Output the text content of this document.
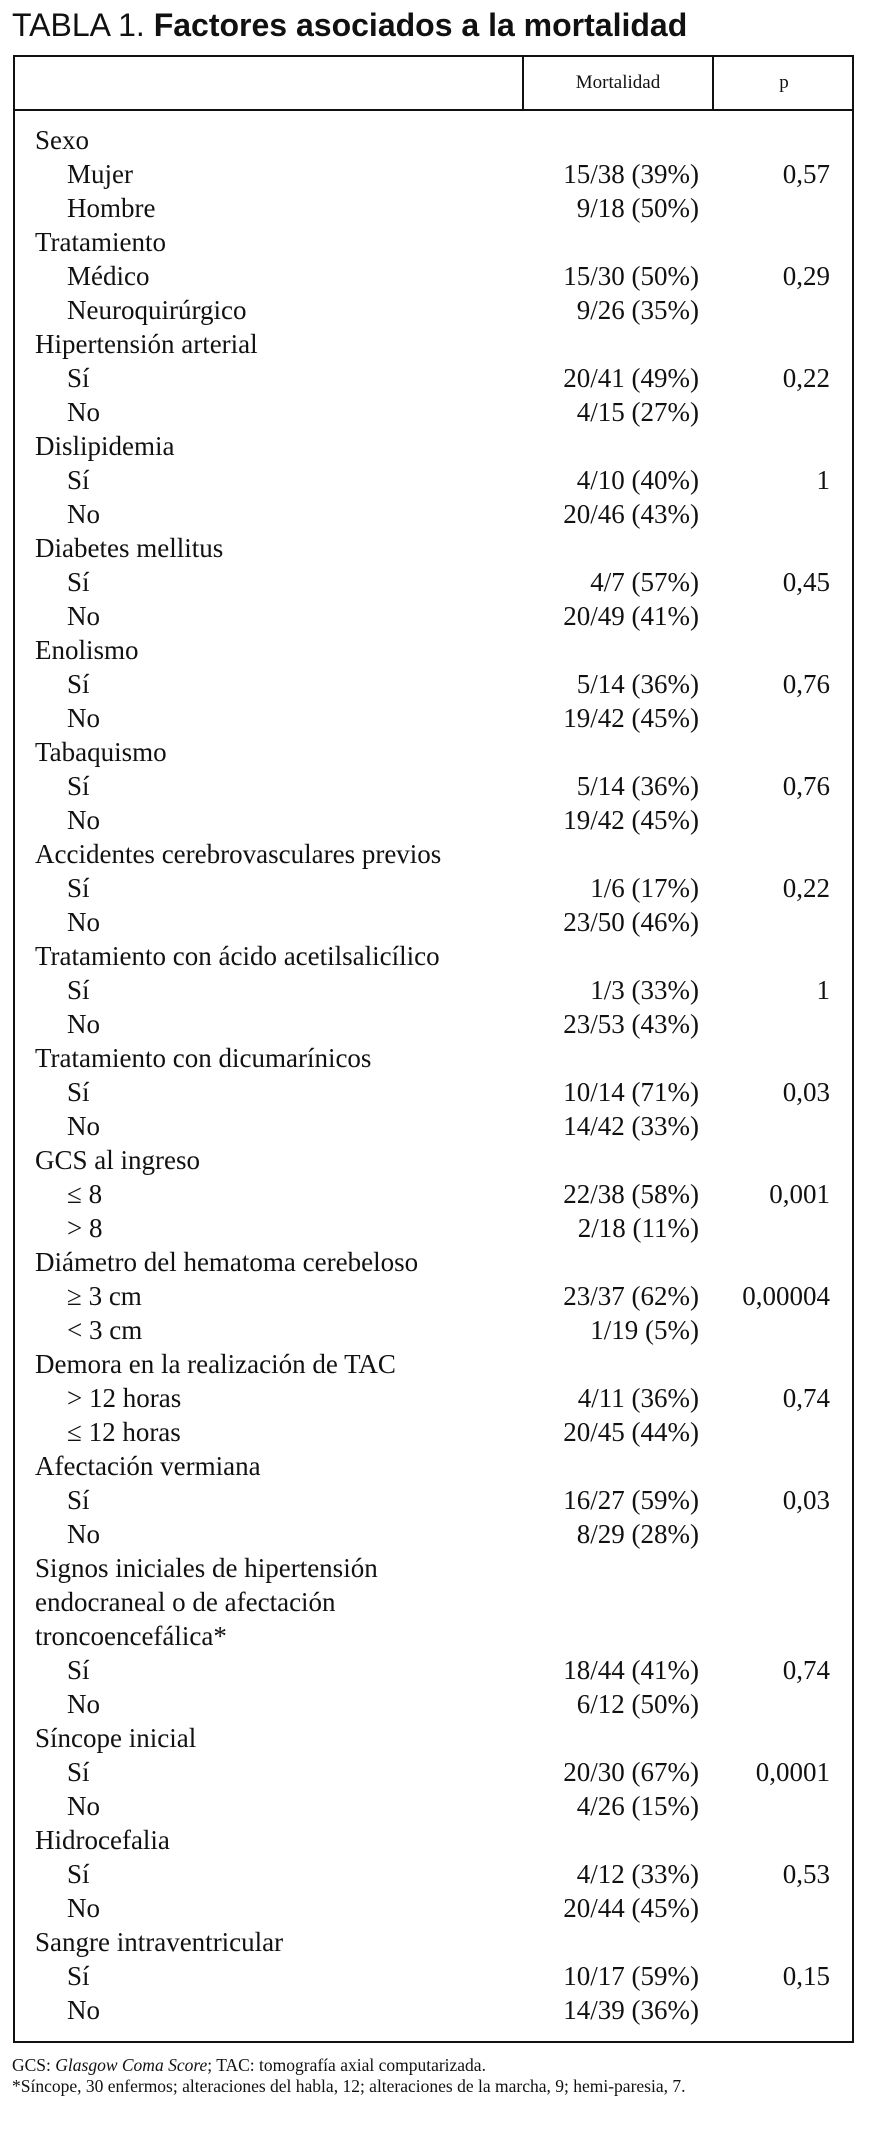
TABLA 1. Factores asociados a la mortalidad
Mortalidad	p
Sexo
Mujer	15/38 (39%)	0,57
Hombre	9/18 (50%)
Tratamiento
Médico	15/30 (50%)	0,29
Neuroquirúrgico	9/26 (35%)
Hipertensión arterial
Sí	20/41 (49%)	0,22
No	4/15 (27%)
Dislipidemia
Sí	4/10 (40%)	1
No	20/46 (43%)
Diabetes mellitus
Sí	4/7 (57%)	0,45
No	20/49 (41%)
Enolismo
Sí	5/14 (36%)	0,76
No	19/42 (45%)
Tabaquismo
Sí	5/14 (36%)	0,76
No	19/42 (45%)
Accidentes cerebrovasculares previos
Sí	1/6 (17%)	0,22
No	23/50 (46%)
Tratamiento con ácido acetilsalicílico
Sí	1/3 (33%)	1
No	23/53 (43%)
Tratamiento con dicumarínicos
Sí	10/14 (71%)	0,03
No	14/42 (33%)
GCS al ingreso
≤ 8	22/38 (58%)	0,001
> 8	2/18 (11%)
Diámetro del hematoma cerebeloso
≥ 3 cm	23/37 (62%) 0,00004
< 3 cm	1/19 (5%)
Demora en la realización de TAC
> 12 horas	4/11 (36%)	0,74
≤ 12 horas	20/45 (44%)
Afectación vermiana
Sí	16/27 (59%)	0,03
No	8/29 (28%)
Signos iniciales de hipertensión
endocraneal o de afectación
troncoencefálica*
Sí	18/44 (41%)	0,74
No	6/12 (50%)
Síncope inicial
Sí	20/30 (67%) 0,0001
No	4/26 (15%)
Hidrocefalia
Sí	4/12 (33%)	0,53
No	20/44 (45%)
Sangre intraventricular
Sí	10/17 (59%)	0,15
No	14/39 (36%)

GCS: Glasgow Coma Score; TAC: tomografía axial computarizada.

*Síncope, 30 enfermos; alteraciones del habla, 12; alteraciones de la marcha, 9; hemi-paresia, 7.
